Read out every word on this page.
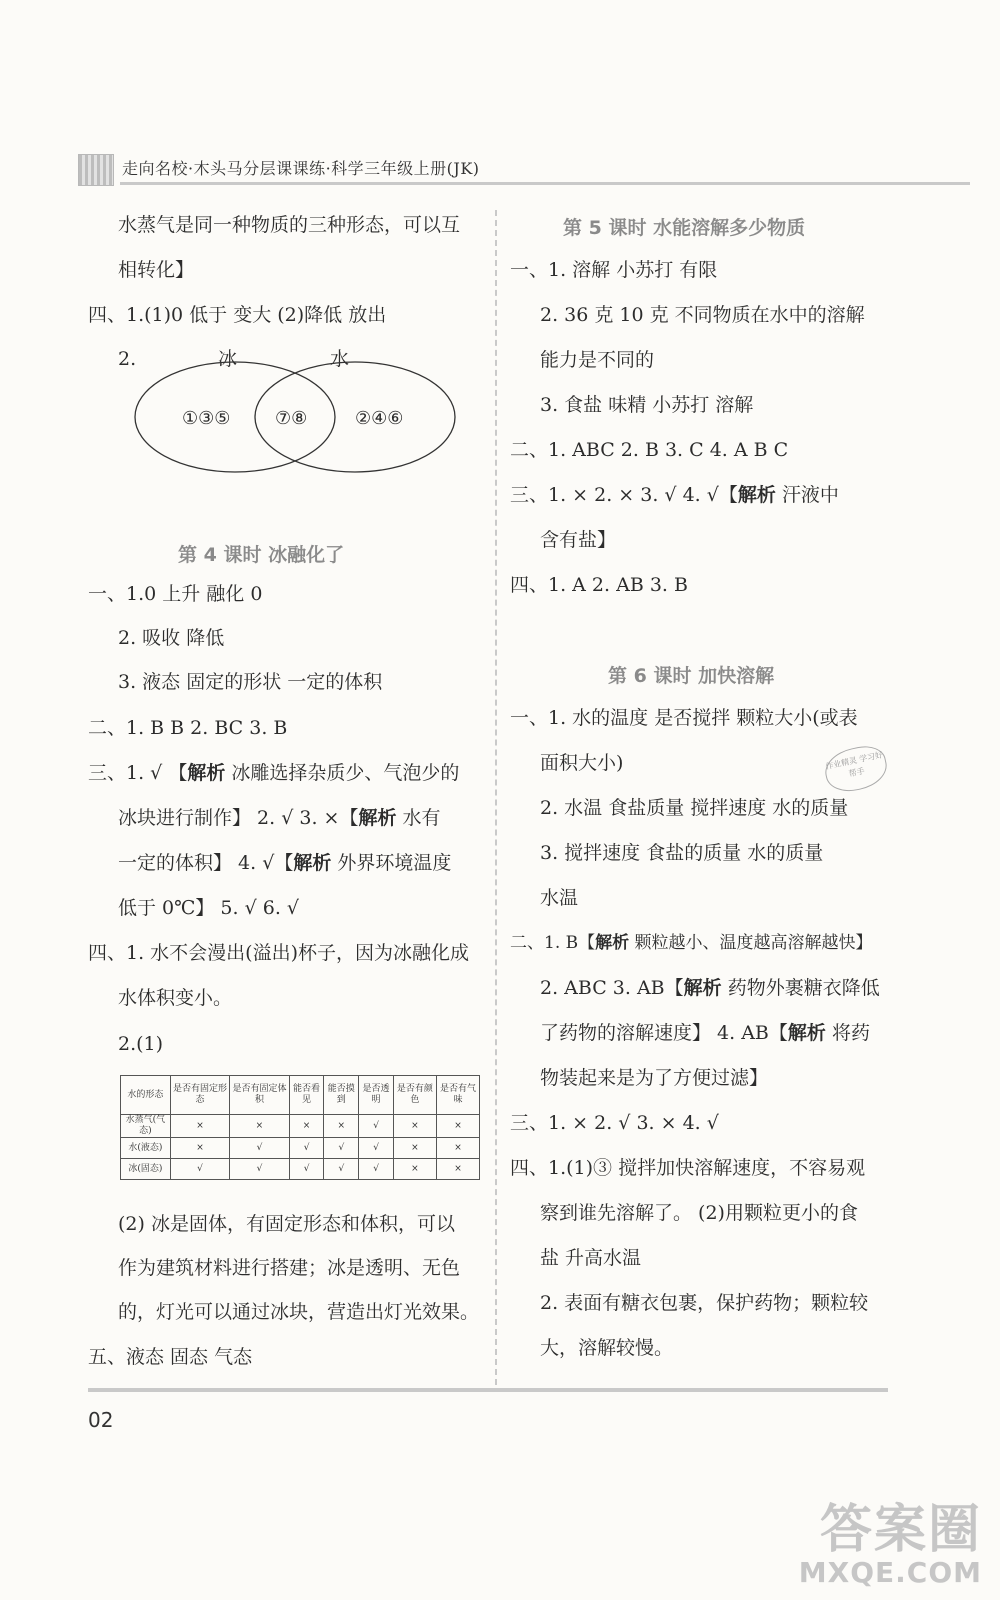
走向名校·木头马分层课课练·科学三年级上册(JK)
水蒸气是同一种物质的三种形态，可以互
相转化】
四、1.(1)0 低于 变大 (2)降低 放出
2.	冰	水
①③⑤ ⑦⑧	②④⑥
第 4 课时 冰融化了
一、1.0 上升 融化 0
2. 吸收 降低
3. 液态 固定的形状 一定的体积
二、1. B B 2. BC 3. B
三、1. √ 【解析 冰雕选择杂质少、气泡少的
冰块进行制作】 2. √ 3. ×【解析 水有
一定的体积】 4. √【解析 外界环境温度
低于 0℃】 5. √ 6. √
四、1. 水不会漫出(溢出)杯子，因为冰融化成
水体积变小。
2.(1)
水的形态	是否有固定形态	是否有固定体积	能否看见	能否摸到	是否透明	是否有颜色	是否有气味
水蒸气(气态)	×	×	×	×	√	×	×
水(液态)	×	√	√	√	√	×	×
冰(固态)	√	√	√	√	√	×	×
(2) 冰是固体，有固定形态和体积，可以
作为建筑材料进行搭建；冰是透明、无色
的，灯光可以通过冰块，营造出灯光效果。
五、液态 固态 气态
第 5 课时 水能溶解多少物质
一、1. 溶解 小苏打 有限
2. 36 克 10 克 不同物质在水中的溶解
能力是不同的
3. 食盐 味精 小苏打 溶解
二、1. ABC 2. B 3. C 4. A B C
三、1. × 2. × 3. √ 4. √【解析 汗液中
含有盐】
四、1. A 2. AB 3. B
第 6 课时 加快溶解
一、1. 水的温度 是否搅拌 颗粒大小(或表
面积大小)
2. 水温 食盐质量 搅拌速度 水的质量
3. 搅拌速度 食盐的质量 水的质量
水温
二、1. B【解析 颗粒越小、温度越高溶解越快】
2. ABC 3. AB【解析 药物外裹糖衣降低
了药物的溶解速度】 4. AB【解析 将药
物装起来是为了方便过滤】
三、1. × 2. √ 3. × 4. √
四、1.(1)③ 搅拌加快溶解速度，不容易观
察到谁先溶解了。 (2)用颗粒更小的食
盐 升高水温
2. 表面有糖衣包裹，保护药物；颗粒较
大，溶解较慢。
作业精灵 学习好帮手
02
答案圈
MXQE.COM
